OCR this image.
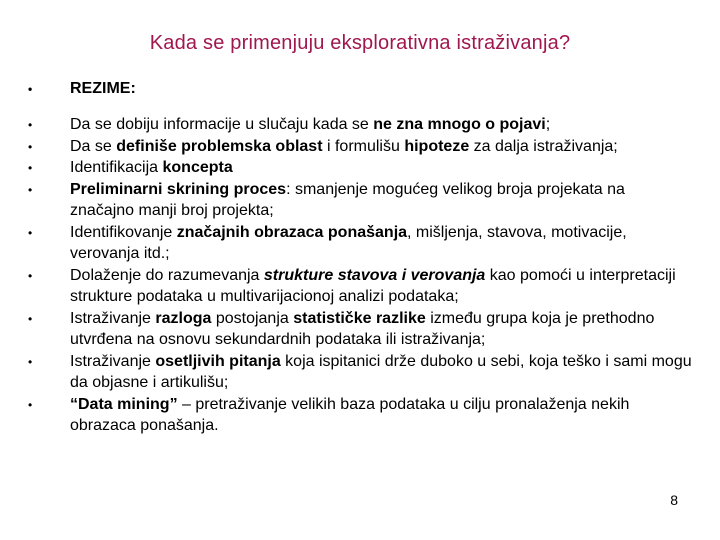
Kada se primenjuju eksplorativna istraživanja?
• REZIME:
• Da se dobiju informacije u slučaju kada se ne zna mnogo o pojavi;
• Da se definiše problemska oblast i formulišu hipoteze za dalja istraživanja;
• Identifikacija koncepta
• Preliminarni skrining proces: smanjenje mogućeg velikog broja projekata na značajno manji broj projekta;
• Identifikovanje značajnih obrazaca ponašanja, mišljenja, stavova, motivacije, verovanja itd.;
• Dolaženje do razumevanja strukture stavova i verovanja kao pomoći u interpretaciji strukture podataka u multivarijacionoj analizi podataka;
• Istraživanje razloga postojanja statističke razlike između grupa koja je prethodno utvrđena na osnovu sekundardnih podataka ili istraživanja;
• Istraživanje osetljivih pitanja koja ispitanici drže duboko u sebi, koja teško i sami mogu da objasne i artikulišu;
• “Data mining” – pretraživanje velikih baza podataka u cilju pronalaženja nekih obrazaca ponašanja.
8
